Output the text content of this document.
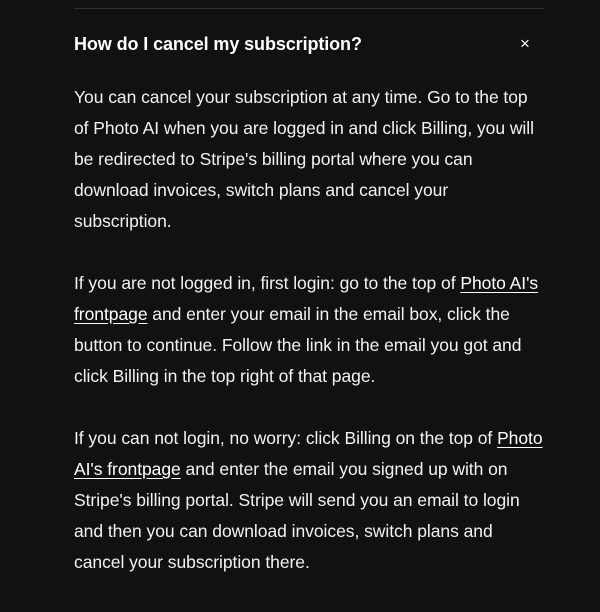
How do I cancel my subscription?	×

You can cancel your subscription at any time. Go to the top of Photo AI when you are logged in and click Billing, you will be redirected to Stripe's billing portal where you can download invoices, switch plans and cancel your subscription.

If you are not logged in, first login: go to the top of Photo AI's frontpage and enter your email in the email box, click the button to continue. Follow the link in the email you got and click Billing in the top right of that page.

If you can not login, no worry: click Billing on the top of Photo AI's frontpage and enter the email you signed up with on Stripe's billing portal. Stripe will send you an email to login and then you can download invoices, switch plans and cancel your subscription there.
